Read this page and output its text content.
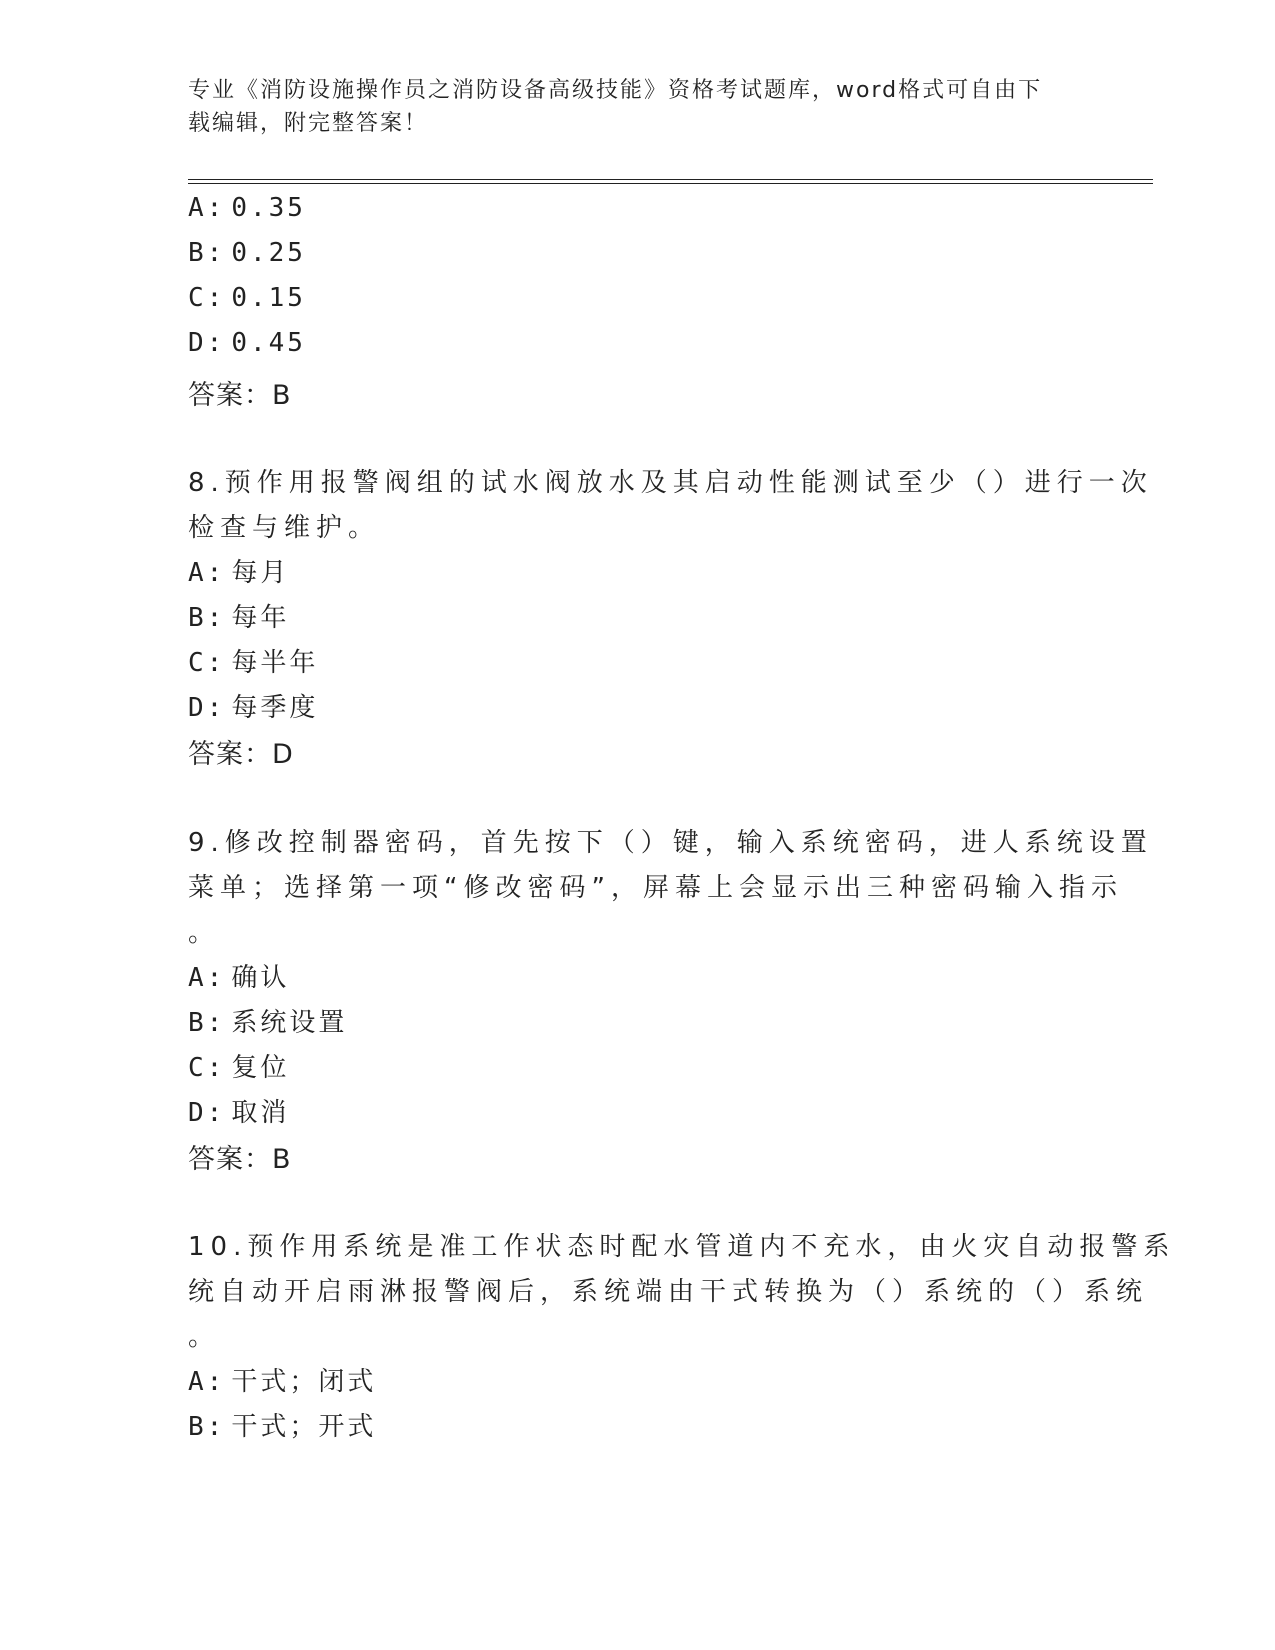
专业《消防设施操作员之消防设备高级技能》资格考试题库，word格式可自由下
载编辑，附完整答案！
A: 0.35
B: 0.25
C: 0.15
D: 0.45
答案：B
8.预作用报警阀组的试水阀放水及其启动性能测试至少（）进行一次
检查与维护。
A: 每月
B: 每年
C: 每半年
D: 每季度
答案：D
9.修改控制器密码，首先按下（）键，输入系统密码，进人系统设置
菜单；选择第一项“修改密码”，屏幕上会显示出三种密码输入指示
。
A: 确认
B: 系统设置
C: 复位
D: 取消
答案：B
10.预作用系统是准工作状态时配水管道内不充水，由火灾自动报警系
统自动开启雨淋报警阀后，系统端由干式转换为（）系统的（）系统
。
A: 干式；闭式
B: 干式；开式
